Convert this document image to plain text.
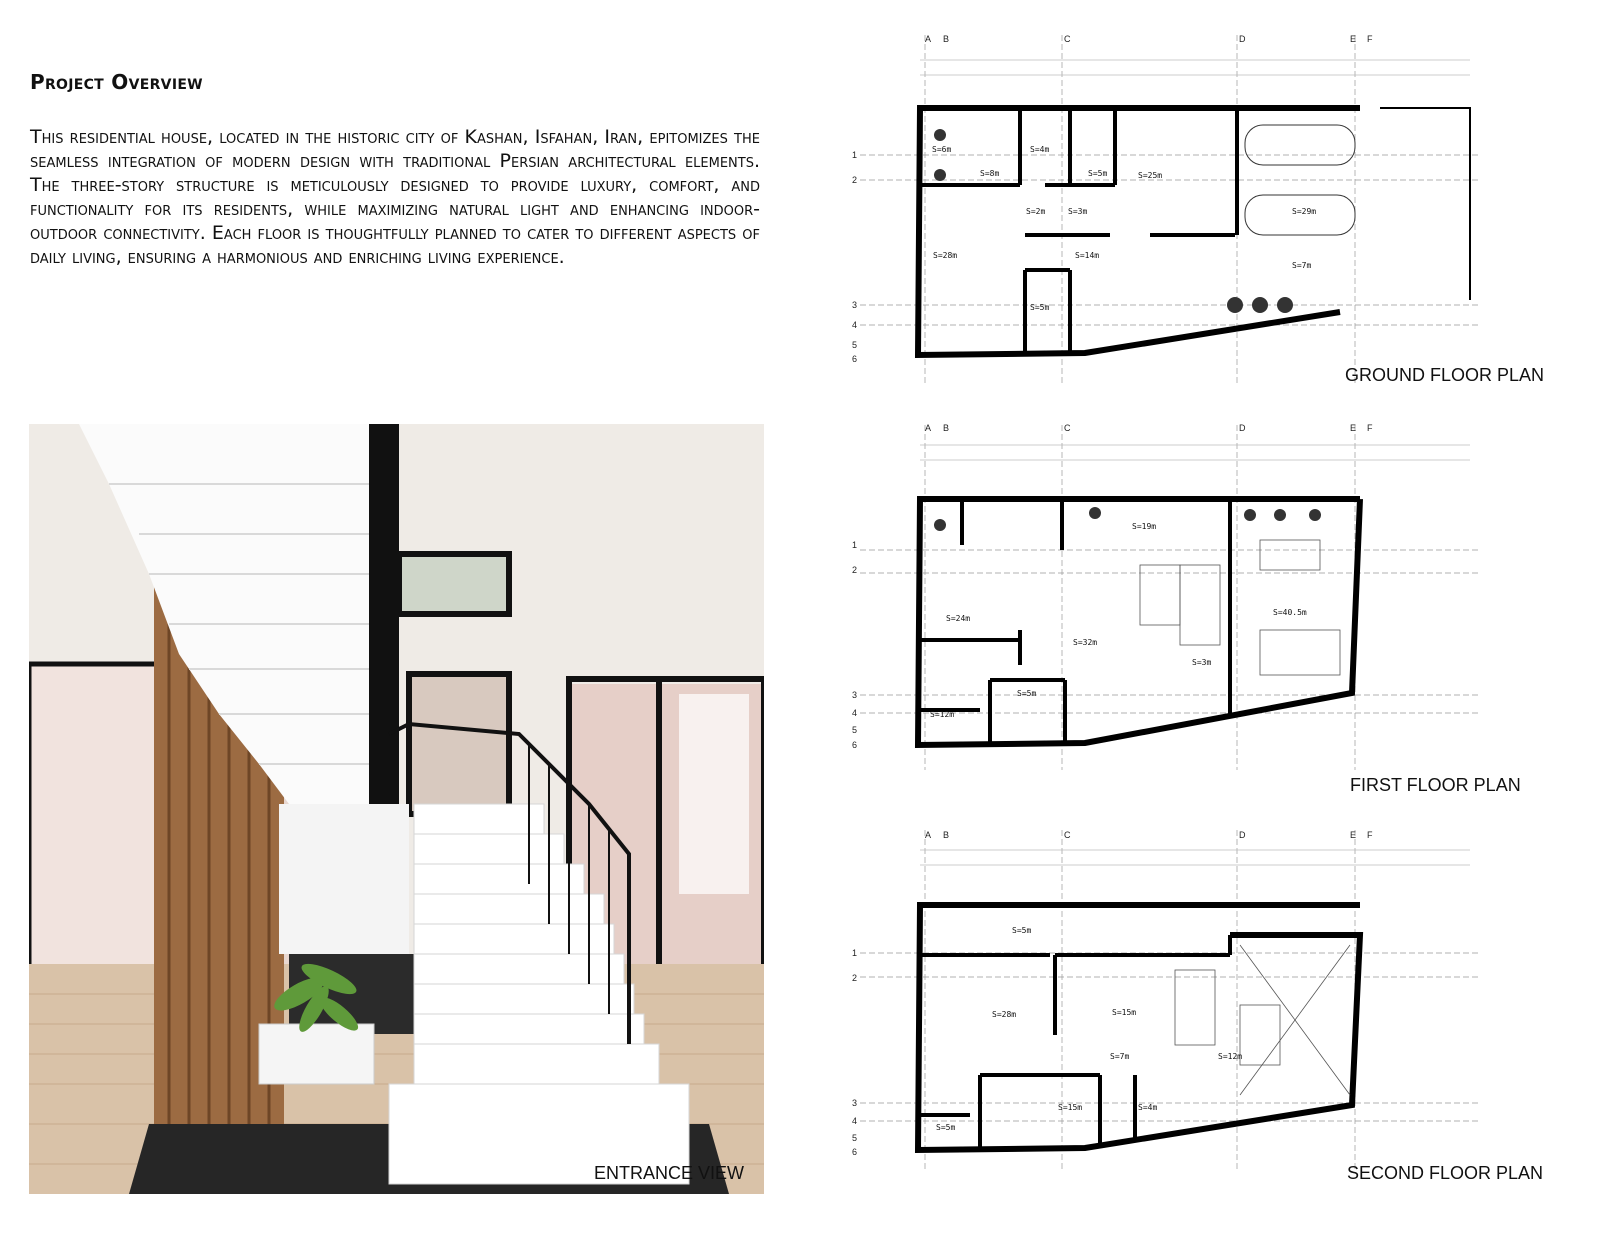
Project Overview

This residential house, located in the historic city of Kashan, Isfahan, Iran, epitomizes the seamless integration of modern design with traditional Persian architectural elements. The three-story structure is meticulously designed to provide luxury, comfort, and functionality for its residents, while maximizing natural light and enhancing indoor-outdoor connectivity. Each floor is thoughtfully planned to cater to different aspects of daily living, ensuring a harmonious and enriching living experience.

ENTRANCE VIEW
A B	C	D	E F
1
2
3
4
5
6
S=6m
S=8m
S=4m
S=5m	S=25m
S=29m
S=2m	S=3m
S=28m	S=14m
S=7m
S=5m
GROUND FLOOR PLAN
A B	C	D	E F
1
2
3
4
5
6
S=19m
S=24m
S=32m
S=40.5m
S=3m
S=5m
S=12m
FIRST FLOOR PLAN
A B	C	D	E F
1
2
3
4
5
6
S=5m
S=28m	S=15m
S=7m	S=12m
S=15m	S=4m
S=5m
SECOND FLOOR PLAN
